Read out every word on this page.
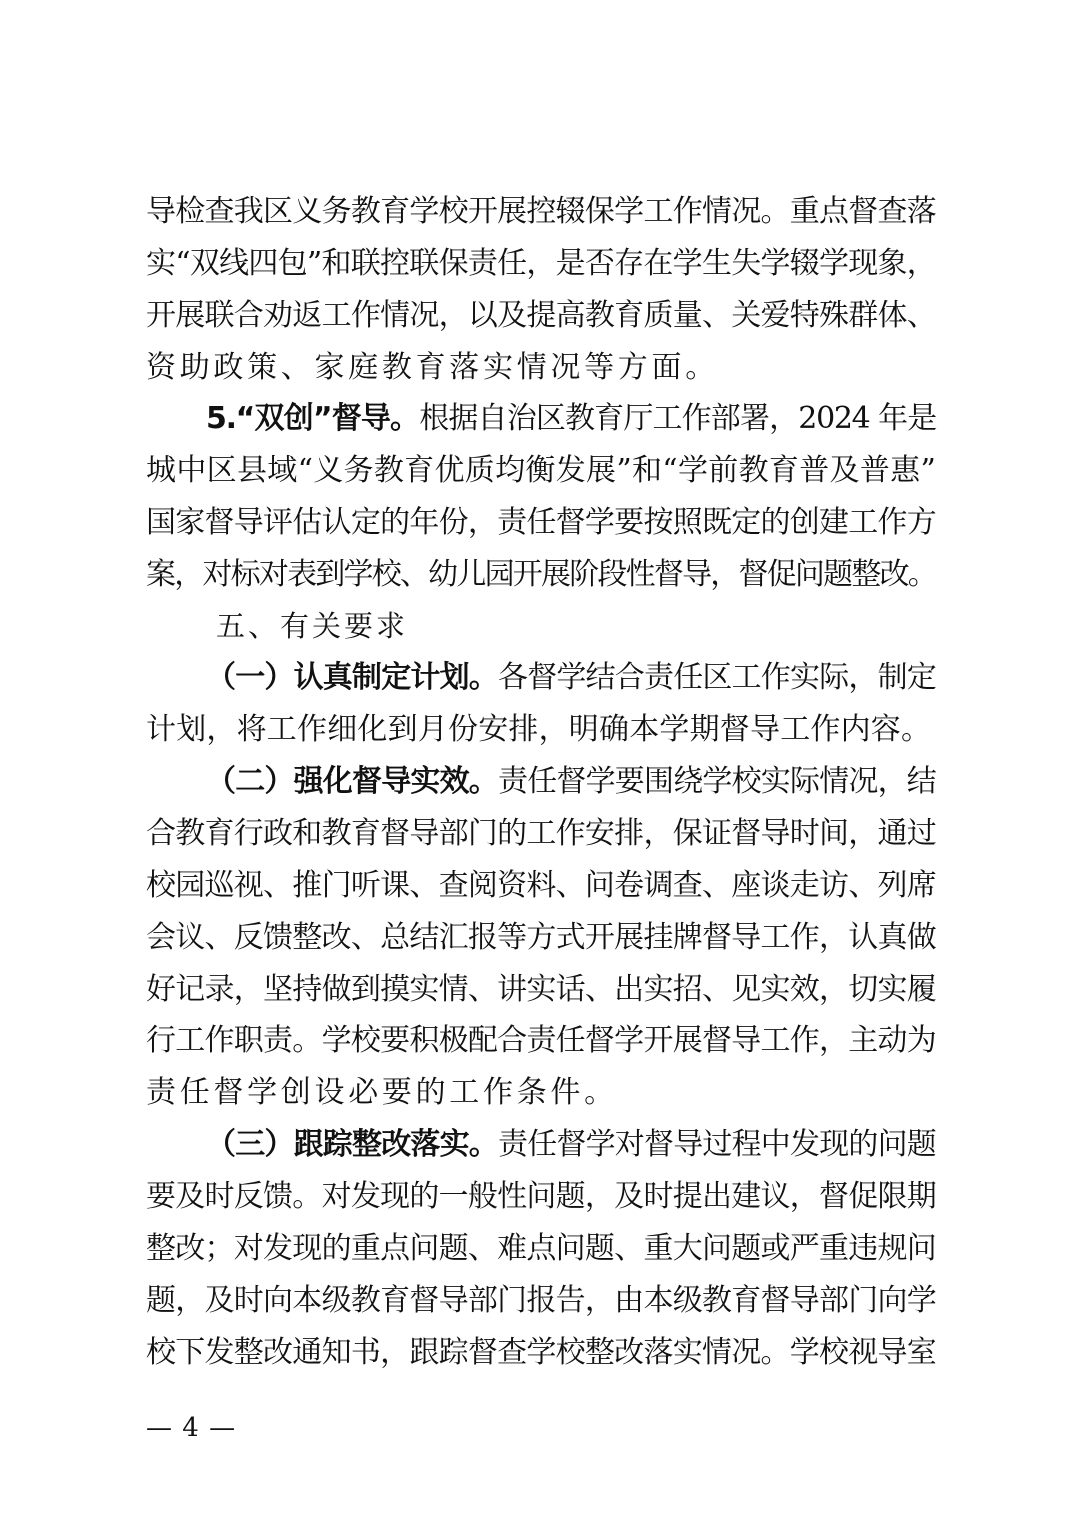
导检查我区义务教育学校开展控辍保学工作情况。重点督查落
实“双线四包”和联控联保责任，是否存在学生失学辍学现象，
开展联合劝返工作情况，以及提高教育质量、关爱特殊群体、
资助政策、家庭教育落实情况等方面。
5.“双创”督导。根据自治区教育厅工作部署，2024 年是
城中区县域“义务教育优质均衡发展”和“学前教育普及普惠”
国家督导评估认定的年份，责任督学要按照既定的创建工作方
案，对标对表到学校、幼儿园开展阶段性督导，督促问题整改。
五、有关要求
（一）认真制定计划。各督学结合责任区工作实际，制定
计划，将工作细化到月份安排，明确本学期督导工作内容。
（二）强化督导实效。责任督学要围绕学校实际情况，结
合教育行政和教育督导部门的工作安排，保证督导时间，通过
校园巡视、推门听课、查阅资料、问卷调查、座谈走访、列席
会议、反馈整改、总结汇报等方式开展挂牌督导工作，认真做
好记录，坚持做到摸实情、讲实话、出实招、见实效，切实履
行工作职责。学校要积极配合责任督学开展督导工作，主动为
责任督学创设必要的工作条件。
（三）跟踪整改落实。责任督学对督导过程中发现的问题
要及时反馈。对发现的一般性问题，及时提出建议，督促限期
整改；对发现的重点问题、难点问题、重大问题或严重违规问
题，及时向本级教育督导部门报告，由本级教育督导部门向学
校下发整改通知书，跟踪督查学校整改落实情况。学校视导室
— 4 —
